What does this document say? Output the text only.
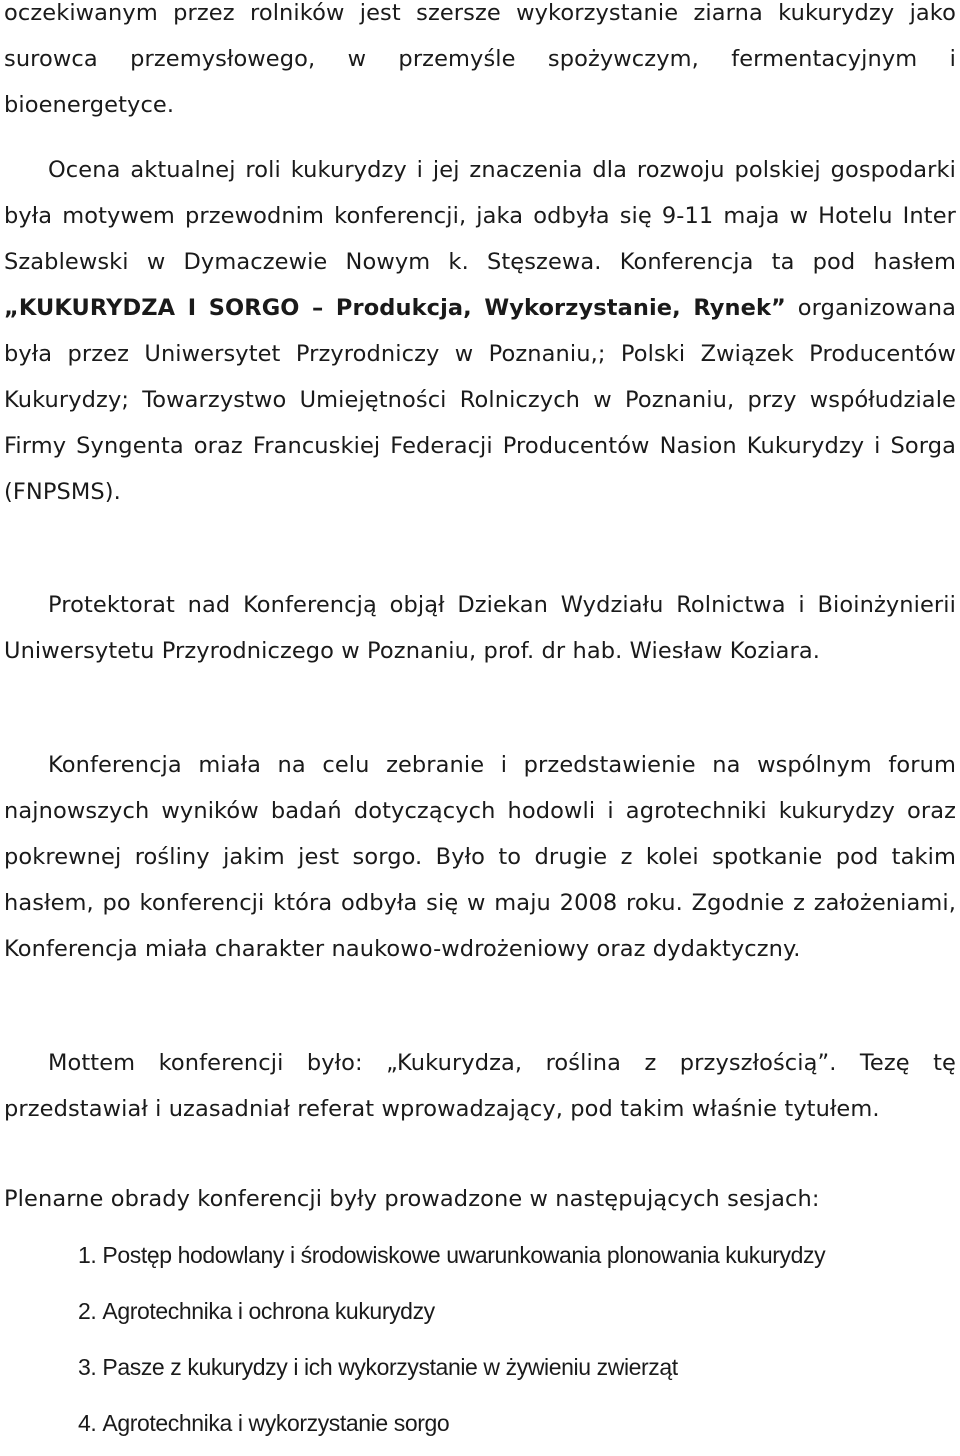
oczekiwanym przez rolników jest szersze wykorzystanie ziarna kukurydzy jako surowca przemysłowego, w przemyśle spożywczym, fermentacyjnym i bioenergetyce.

Ocena aktualnej roli kukurydzy i jej znaczenia dla rozwoju polskiej gospodarki była motywem przewodnim konferencji, jaka odbyła się 9-11 maja w Hotelu Inter Szablewski w Dymaczewie Nowym k. Stęszewa. Konferencja ta pod hasłem „KUKURYDZA I SORGO – Produkcja, Wykorzystanie, Rynek” organizowana była przez Uniwersytet Przyrodniczy w Poznaniu,; Polski Związek Producentów Kukurydzy; Towarzystwo Umiejętności Rolniczych w Poznaniu, przy współudziale Firmy Syngenta oraz Francuskiej Federacji Producentów Nasion Kukurydzy i Sorga (FNPSMS).

Protektorat nad Konferencją objął Dziekan Wydziału Rolnictwa i Bioinżynierii Uniwersytetu Przyrodniczego w Poznaniu, prof. dr hab. Wiesław Koziara.

Konferencja miała na celu zebranie i przedstawienie na wspólnym forum najnowszych wyników badań dotyczących hodowli i agrotechniki kukurydzy oraz pokrewnej rośliny jakim jest sorgo. Było to drugie z kolei spotkanie pod takim hasłem, po konferencji która odbyła się w maju 2008 roku. Zgodnie z założeniami, Konferencja miała charakter naukowo-wdrożeniowy oraz dydaktyczny.

Mottem konferencji było: „Kukurydza, roślina z przyszłością”. Tezę tę przedstawiał i uzasadniał referat wprowadzający, pod takim właśnie tytułem.

Plenarne obrady konferencji były prowadzone w następujących sesjach:

1. Postęp hodowlany i środowiskowe uwarunkowania plonowania kukurydzy
2. Agrotechnika i ochrona kukurydzy
3. Pasze z kukurydzy i ich wykorzystanie w żywieniu zwierząt
4. Agrotechnika i wykorzystanie sorgo
